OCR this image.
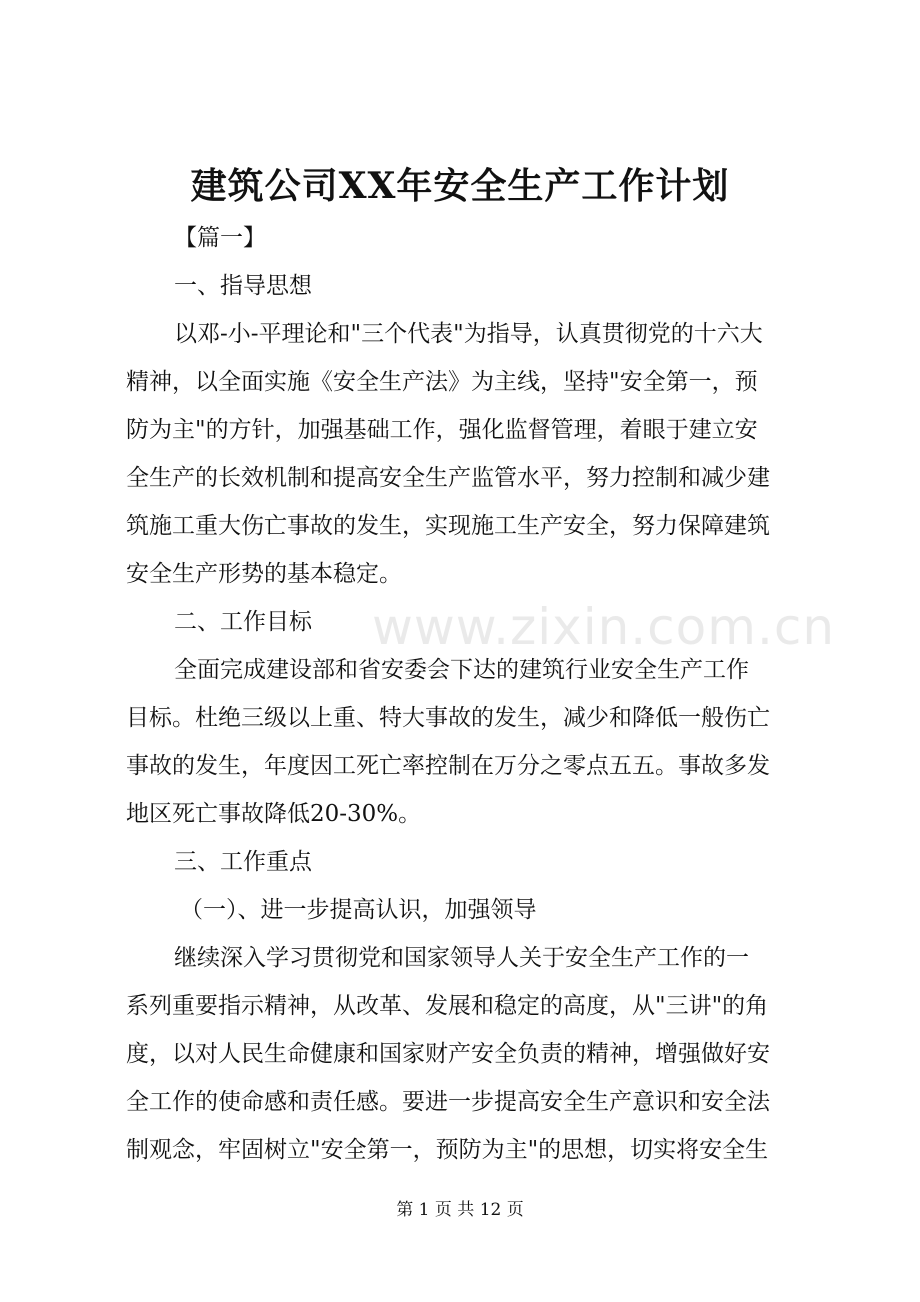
建筑公司XX年安全生产工作计划
【篇一】
一、指导思想
以邓-小-平理论和"三个代表"为指导，认真贯彻党的十六大
精神，以全面实施《安全生产法》为主线，坚持"安全第一，预
防为主"的方针，加强基础工作，强化监督管理，着眼于建立安
全生产的长效机制和提高安全生产监管水平，努力控制和减少建
筑施工重大伤亡事故的发生，实现施工生产安全，努力保障建筑
安全生产形势的基本稳定。
二、工作目标
全面完成建设部和省安委会下达的建筑行业安全生产工作
目标。杜绝三级以上重、特大事故的发生，减少和降低一般伤亡
事故的发生，年度因工死亡率控制在万分之零点五五。事故多发
地区死亡事故降低20-30%。
三、工作重点
（一）、进一步提高认识，加强领导
继续深入学习贯彻党和国家领导人关于安全生产工作的一
系列重要指示精神，从改革、发展和稳定的高度，从"三讲"的角
度，以对人民生命健康和国家财产安全负责的精神，增强做好安
全工作的使命感和责任感。要进一步提高安全生产意识和安全法
制观念，牢固树立"安全第一，预防为主"的思想，切实将安全生
www.zixin.com.cn
第 1 页 共 12 页
